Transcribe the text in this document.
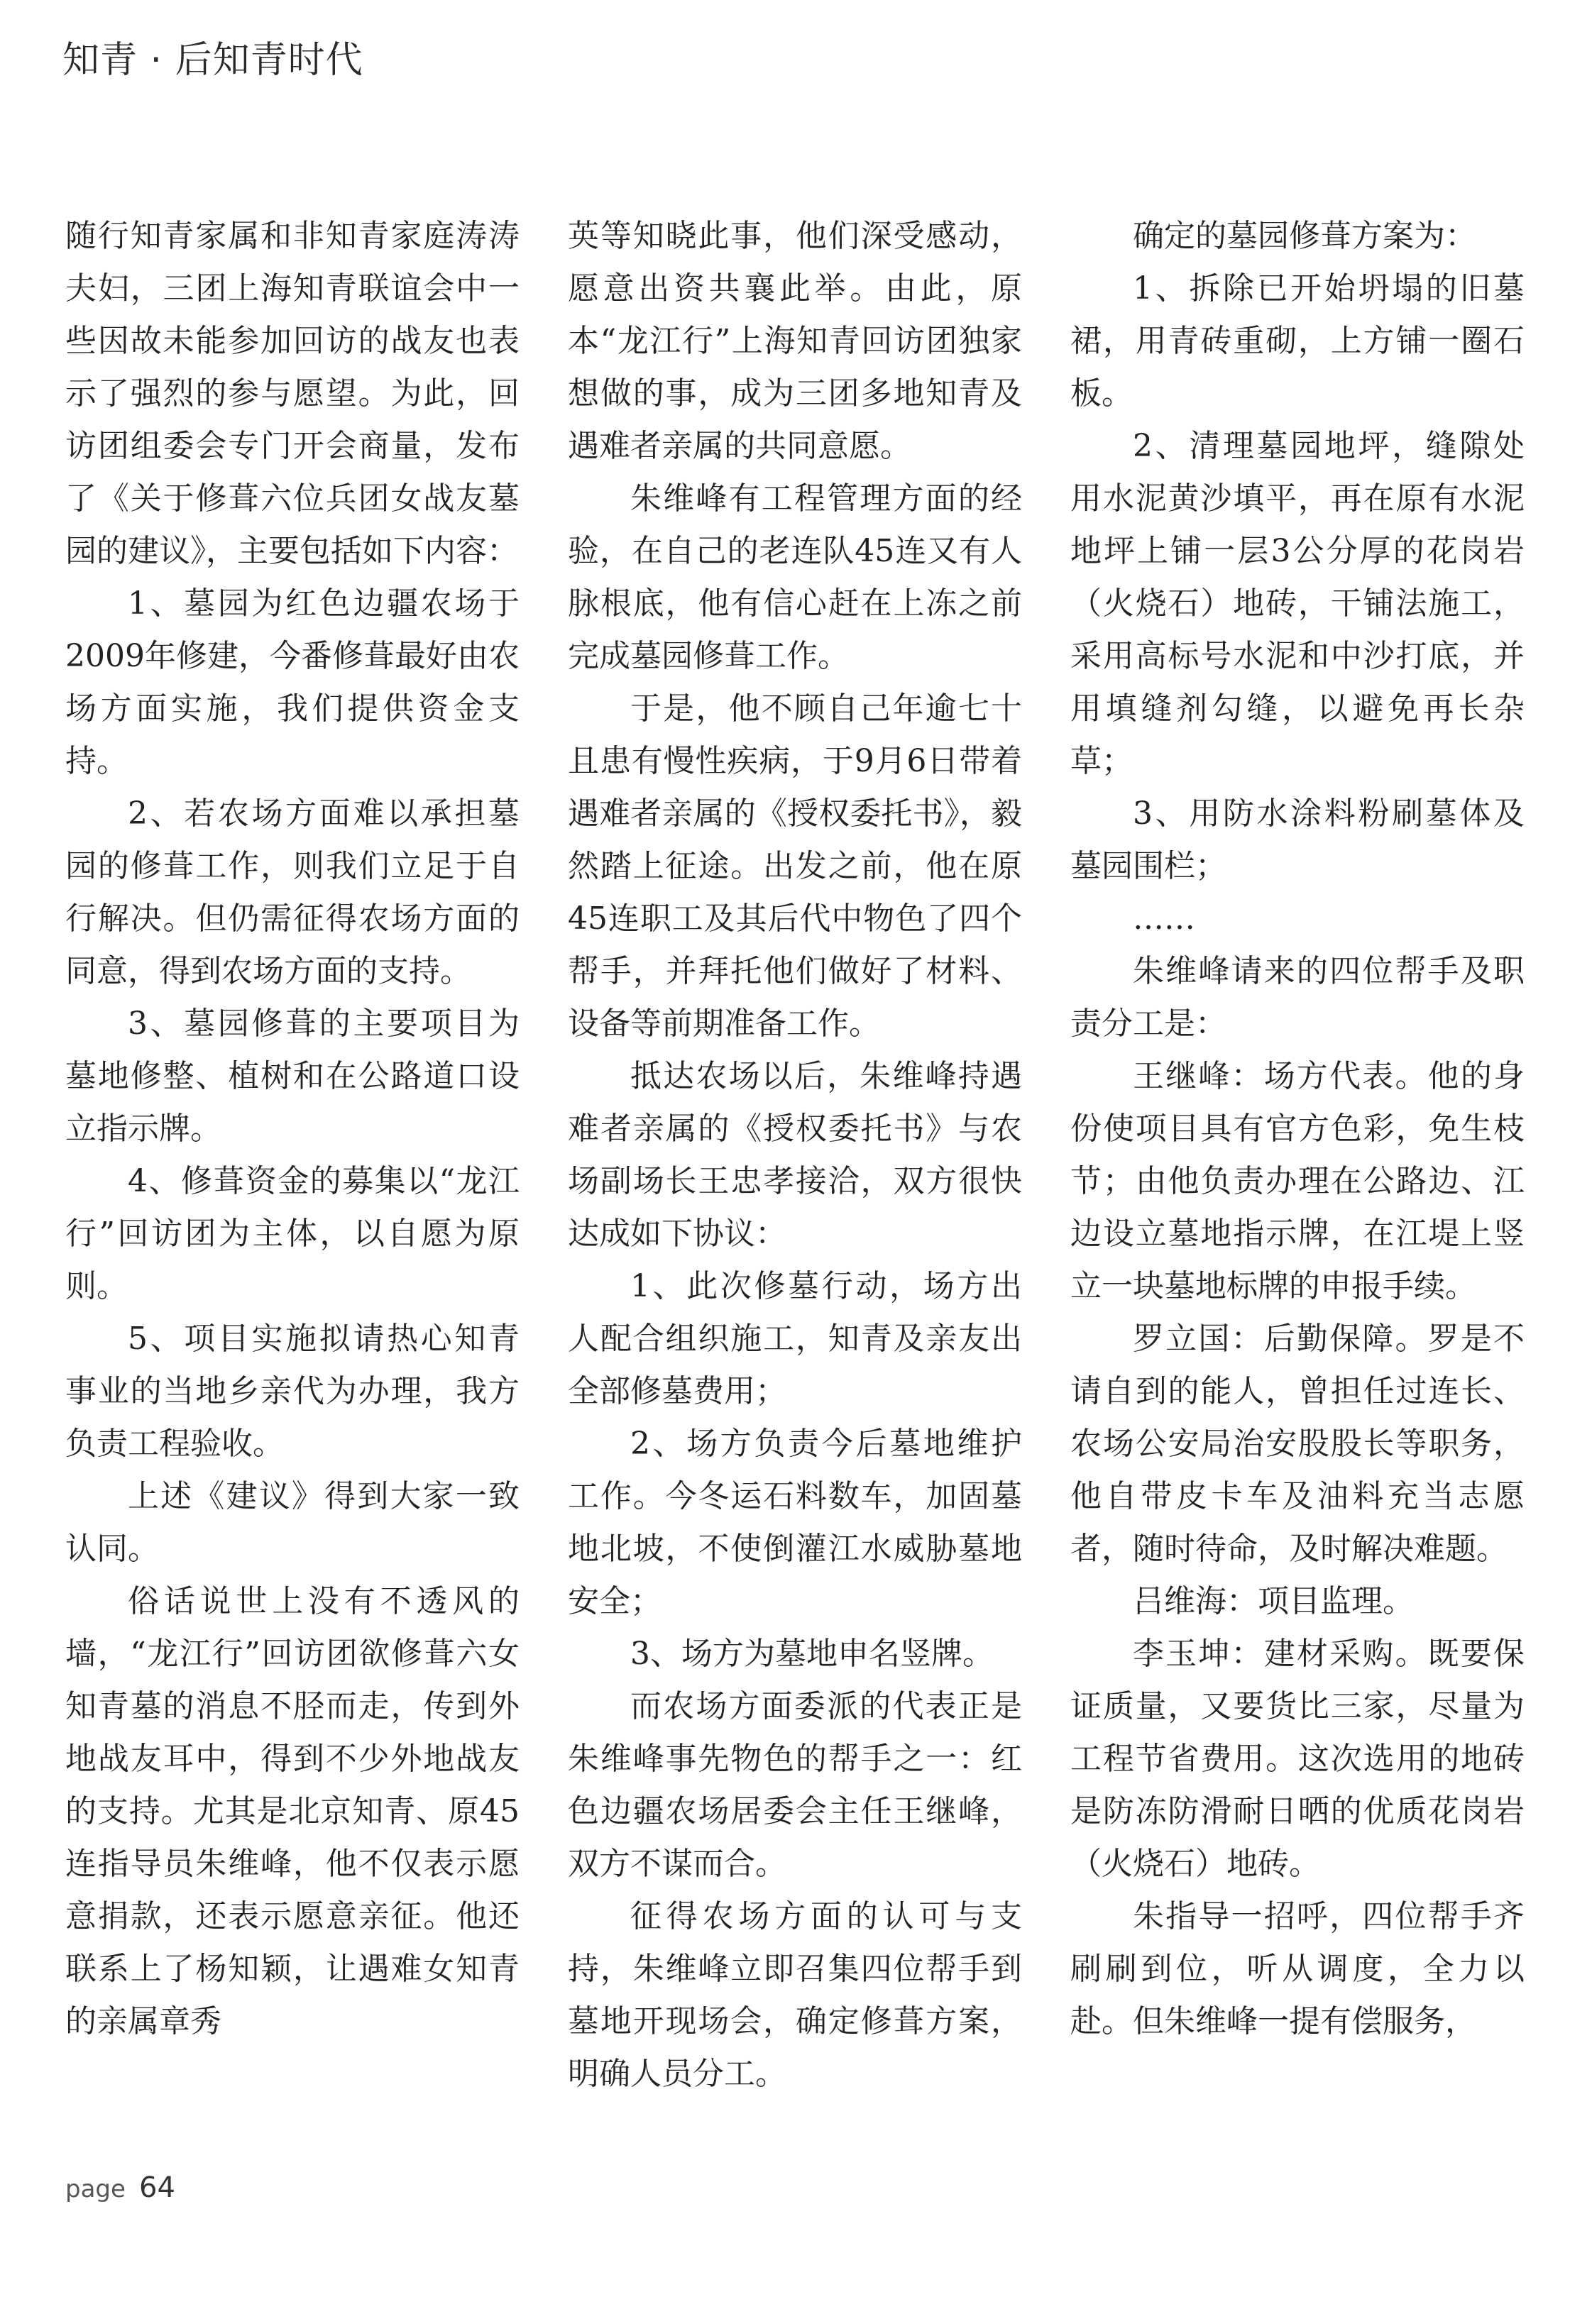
知青 · 后知青时代

随行知青家属和非知青家庭涛涛夫妇，三团上海知青联谊会中一些因故未能参加回访的战友也表示了强烈的参与愿望。为此，回访团组委会专门开会商量，发布了《关于修葺六位兵团女战友墓园的建议》，主要包括如下内容：

1、墓园为红色边疆农场于2009年修建，今番修葺最好由农场方面实施，我们提供资金支持。

2、若农场方面难以承担墓园的修葺工作，则我们立足于自行解决。但仍需征得农场方面的同意，得到农场方面的支持。

3、墓园修葺的主要项目为墓地修整、植树和在公路道口设立指示牌。

4、修葺资金的募集以“龙江行”回访团为主体，以自愿为原则。

5、项目实施拟请热心知青事业的当地乡亲代为办理，我方负责工程验收。

上述《建议》得到大家一致认同。

俗话说世上没有不透风的墙，“龙江行”回访团欲修葺六女知青墓的消息不胫而走，传到外地战友耳中，得到不少外地战友的支持。尤其是北京知青、原45连指导员朱维峰，他不仅表示愿意捐款，还表示愿意亲征。他还联系上了杨知颖，让遇难女知青的亲属章秀

英等知晓此事，他们深受感动，愿意出资共襄此举。由此，原本“龙江行”上海知青回访团独家想做的事，成为三团多地知青及遇难者亲属的共同意愿。

朱维峰有工程管理方面的经验，在自己的老连队45连又有人脉根底，他有信心赶在上冻之前完成墓园修葺工作。

于是，他不顾自己年逾七十且患有慢性疾病，于9月6日带着遇难者亲属的《授权委托书》，毅然踏上征途。出发之前，他在原45连职工及其后代中物色了四个帮手，并拜托他们做好了材料、设备等前期准备工作。

抵达农场以后，朱维峰持遇难者亲属的《授权委托书》与农场副场长王忠孝接洽，双方很快达成如下协议：

1、此次修墓行动，场方出人配合组织施工，知青及亲友出全部修墓费用；

2、场方负责今后墓地维护工作。今冬运石料数车，加固墓地北坡，不使倒灌江水威胁墓地安全；

3、场方为墓地申名竖牌。

而农场方面委派的代表正是朱维峰事先物色的帮手之一：红色边疆农场居委会主任王继峰，双方不谋而合。

征得农场方面的认可与支持，朱维峰立即召集四位帮手到墓地开现场会，确定修葺方案，明确人员分工。

确定的墓园修葺方案为：

1、拆除已开始坍塌的旧墓裙，用青砖重砌，上方铺一圈石板。

2、清理墓园地坪，缝隙处用水泥黄沙填平，再在原有水泥地坪上铺一层3公分厚的花岗岩（火烧石）地砖，干铺法施工，采用高标号水泥和中沙打底，并用填缝剂勾缝，以避免再长杂草；

3、用防水涂料粉刷墓体及墓园围栏；

……

朱维峰请来的四位帮手及职责分工是：

王继峰：场方代表。他的身份使项目具有官方色彩，免生枝节；由他负责办理在公路边、江边设立墓地指示牌，在江堤上竖立一块墓地标牌的申报手续。

罗立国：后勤保障。罗是不请自到的能人，曾担任过连长、农场公安局治安股股长等职务，他自带皮卡车及油料充当志愿者，随时待命，及时解决难题。

吕维海：项目监理。

李玉坤：建材采购。既要保证质量，又要货比三家，尽量为工程节省费用。这次选用的地砖是防冻防滑耐日晒的优质花岗岩（火烧石）地砖。

朱指导一招呼，四位帮手齐刷刷到位，听从调度，全力以赴。但朱维峰一提有偿服务，

page 64
